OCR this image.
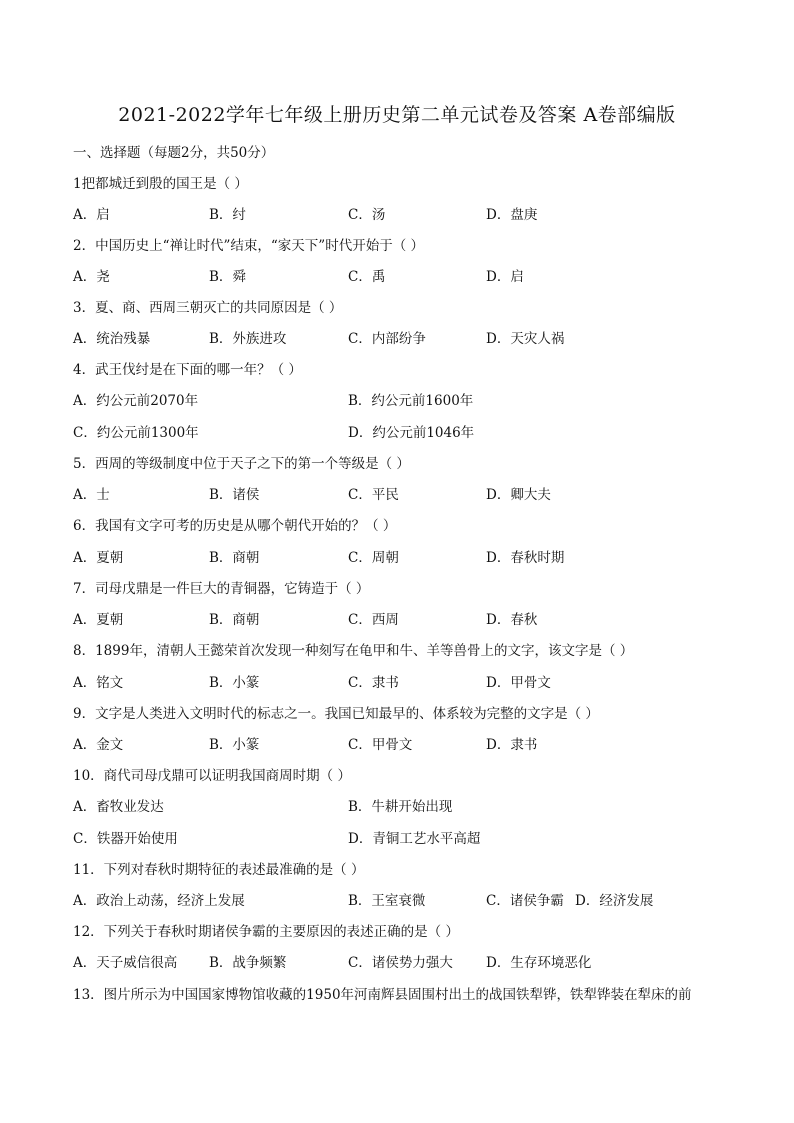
2021-2022学年七年级上册历史第二单元试卷及答案 A卷部编版
一、选择题（每题2分，共50分）
1把都城迁到殷的国王是（ ）
A．启	B．纣	C．汤	D．盘庚
2．中国历史上“禅让时代”结束，“家天下”时代开始于（ ）
A．尧	B．舜	C．禹	D．启
3．夏、商、西周三朝灭亡的共同原因是（ ）
A．统治残暴	B．外族进攻	C．内部纷争	D．天灾人祸
4．武王伐纣是在下面的哪一年？（ ）
A．约公元前2070年	B．约公元前1600年
C．约公元前1300年	D．约公元前1046年
5．西周的等级制度中位于天子之下的第一个等级是（ ）
A．士	B．诸侯	C．平民	D．卿大夫
6．我国有文字可考的历史是从哪个朝代开始的？（ ）
A．夏朝	B．商朝	C．周朝	D．春秋时期
7．司母戊鼎是一件巨大的青铜器，它铸造于（ ）
A．夏朝	B．商朝	C．西周	D．春秋
8．1899年，清朝人王懿荣首次发现一种刻写在龟甲和牛、羊等兽骨上的文字，该文字是（ ）
A．铭文	B．小篆	C．隶书	D．甲骨文
9．文字是人类进入文明时代的标志之一。我国已知最早的、体系较为完整的文字是（ ）
A．金文	B．小篆	C．甲骨文	D．隶书
10．商代司母戊鼎可以证明我国商周时期（ ）
A．畜牧业发达	B．牛耕开始出现
C．铁器开始使用	D．青铜工艺水平高超
11．下列对春秋时期特征的表述最准确的是（ ）
A．政治上动荡，经济上发展	B．王室衰微	C．诸侯争霸 D．经济发展
12．下列关于春秋时期诸侯争霸的主要原因的表述正确的是（ ）
A．天子威信很高 B．战争频繁	C．诸侯势力强大 D．生存环境恶化
13．图片所示为中国国家博物馆收藏的1950年河南辉县固围村出土的战国铁犁铧，铁犁铧装在犁床的前
